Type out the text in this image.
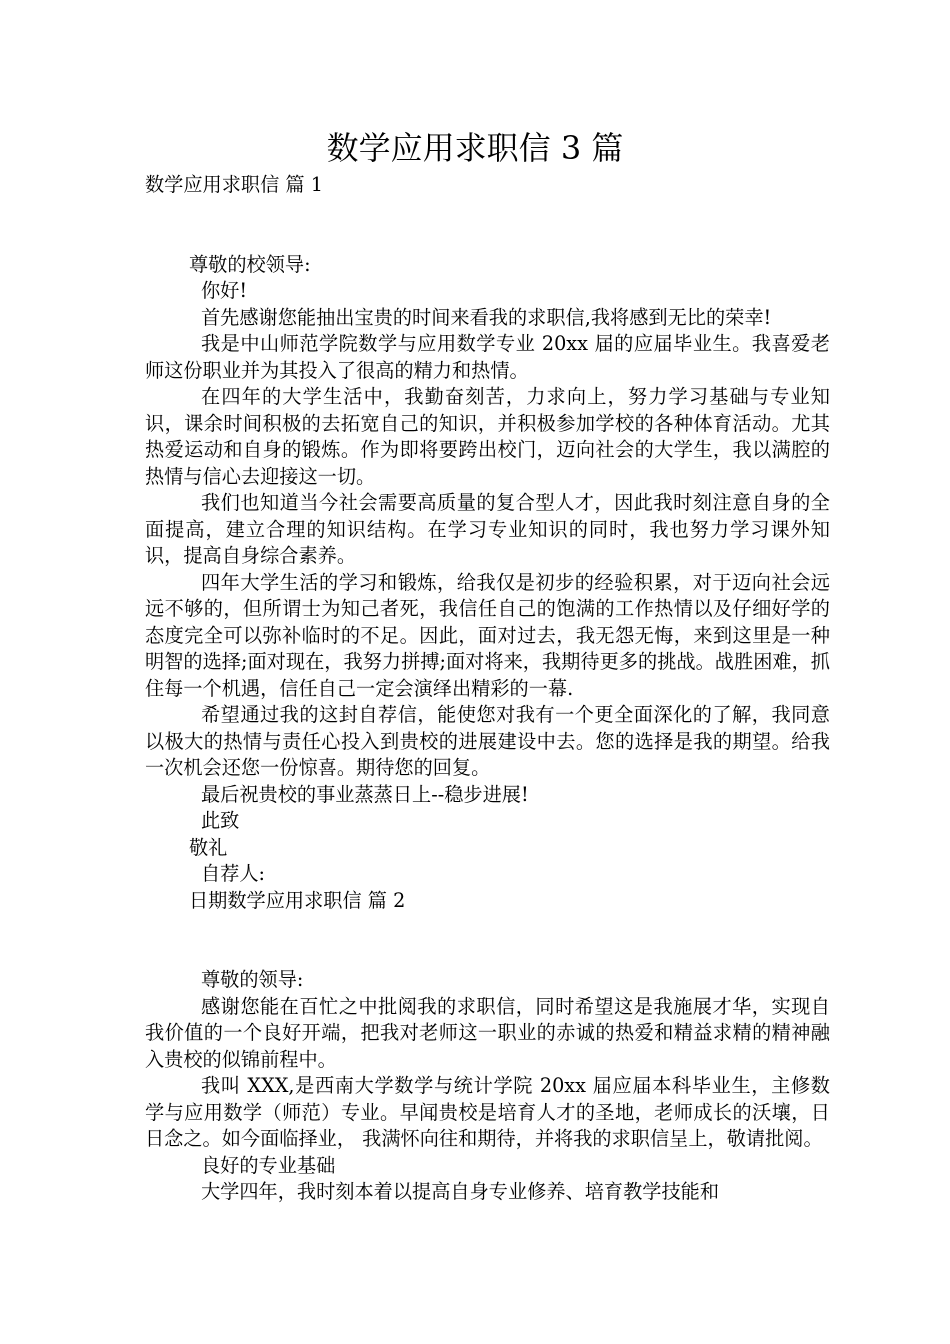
数学应用求职信 3 篇
数学应用求职信 篇 1
尊敬的校领导:
你好!

首先感谢您能抽出宝贵的时间来看我的求职信,我将感到无比的荣幸!

我是中山师范学院数学与应用数学专业 20xx 届的应届毕业生。我喜爱老师这份职业并为其投入了很高的精力和热情。

在四年的大学生活中，我勤奋刻苦，力求向上，努力学习基础与专业知识，课余时间积极的去拓宽自己的知识，并积极参加学校的各种体育活动。尤其热爱运动和自身的锻炼。作为即将要跨出校门，迈向社会的大学生，我以满腔的热情与信心去迎接这一切。

我们也知道当今社会需要高质量的复合型人才，因此我时刻注意自身的全面提高，建立合理的知识结构。在学习专业知识的同时，我也努力学习课外知识，提高自身综合素养。

四年大学生活的学习和锻炼，给我仅是初步的经验积累，对于迈向社会远远不够的，但所谓士为知己者死，我信任自己的饱满的工作热情以及仔细好学的态度完全可以弥补临时的不足。因此，面对过去，我无怨无悔，来到这里是一种明智的选择;面对现在，我努力拼搏;面对将来，我期待更多的挑战。战胜困难，抓住每一个机遇，信任自己一定会演绎出精彩的一幕.

希望通过我的这封自荐信，能使您对我有一个更全面深化的了解，我同意以极大的热情与责任心投入到贵校的进展建设中去。您的选择是我的期望。给我一次机会还您一份惊喜。期待您的回复。

最后祝贵校的事业蒸蒸日上--稳步进展!
此致
敬礼
自荐人:
日期数学应用求职信 篇 2
尊敬的领导:

感谢您能在百忙之中批阅我的求职信，同时希望这是我施展才华，实现自我价值的一个良好开端，把我对老师这一职业的赤诚的热爱和精益求精的精神融入贵校的似锦前程中。

我叫 XXX,是西南大学数学与统计学院 20xx 届应届本科毕业生，主修数学与应用数学（师范）专业。早闻贵校是培育人才的圣地，老师成长的沃壤，日日念之。如今面临择业， 我满怀向往和期待，并将我的求职信呈上，敬请批阅。

良好的专业基础
大学四年，我时刻本着以提高自身专业修养、培育教学技能和
